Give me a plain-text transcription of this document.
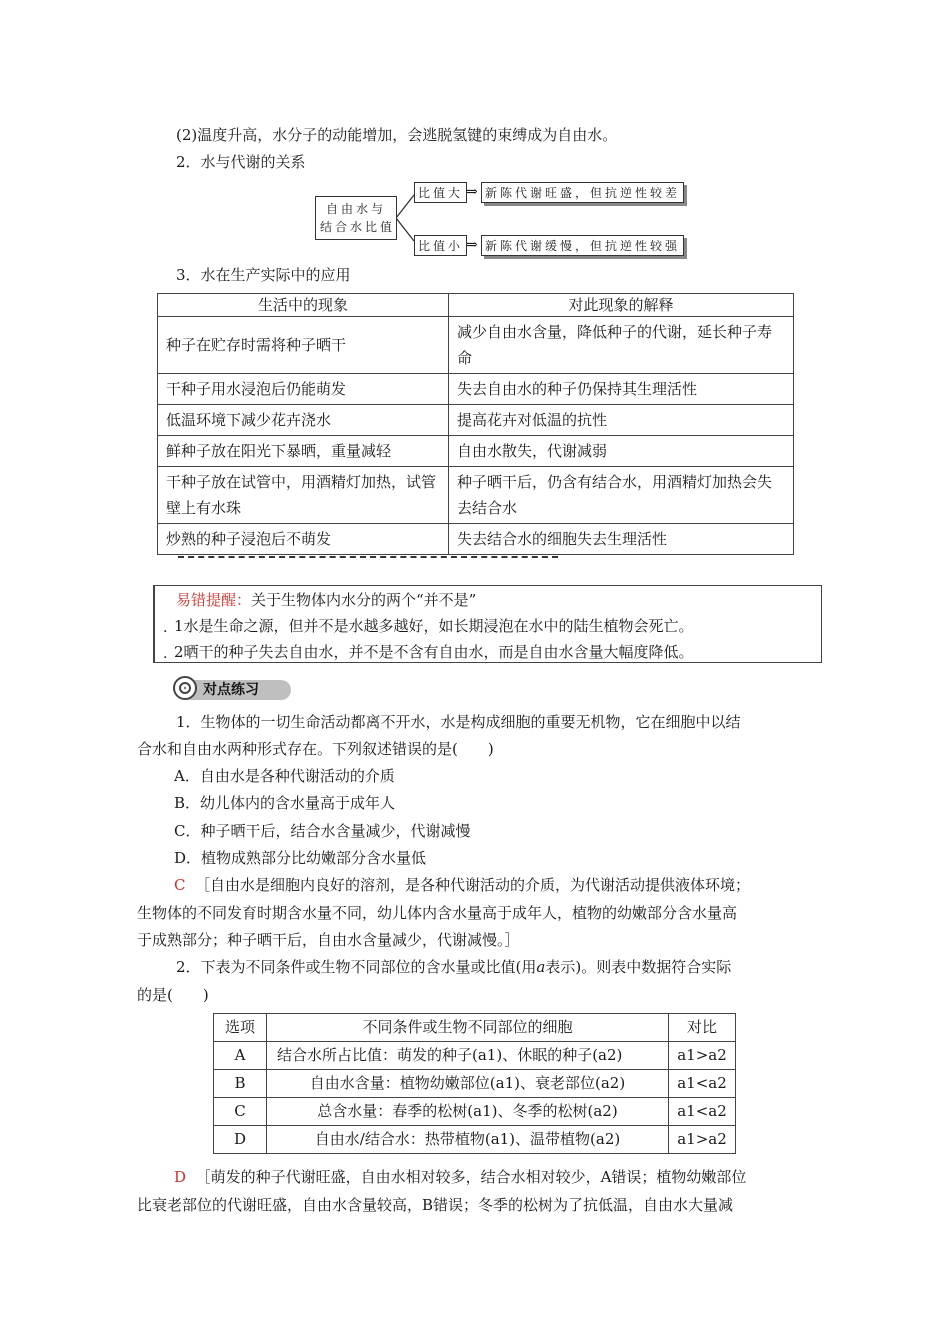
(2)温度升高，水分子的动能增加，会逃脱氢键的束缚成为自由水。
2．水与代谢的关系
自由水与
结合水比值
比值大 ⇒ 新陈代谢旺盛，但抗逆性较差
比值小 ⇒ 新陈代谢缓慢，但抗逆性较强
3．水在生产实际中的应用
生活中的现象	对此现象的解释
种子在贮存时需将种子晒干	减少自由水含量，降低种子的代谢，延长种子寿命
干种子用水浸泡后仍能萌发	失去自由水的种子仍保持其生理活性
低温环境下减少花卉浇水	提高花卉对低温的抗性
鲜种子放在阳光下暴晒，重量减轻	自由水散失，代谢减弱
干种子放在试管中，用酒精灯加热，试管壁上有水珠	种子晒干后，仍含有结合水，用酒精灯加热会失去结合水
炒熟的种子浸泡后不萌发	失去结合水的细胞失去生理活性
易错提醒：关于生物体内水分的两个“并不是”
1水是生命之源，但并不是水越多越好，如长期浸泡在水中的陆生植物会死亡。
·
2晒干的种子失去自由水，并不是不含有自由水，而是自由水含量大幅度降低。
·
对点练习
1．生物体的一切生命活动都离不开水，水是构成细胞的重要无机物，它在细胞中以结
合水和自由水两种形式存在。下列叙述错误的是(　　)
A．自由水是各种代谢活动的介质
B．幼儿体内的含水量高于成年人
C．种子晒干后，结合水含量减少，代谢减慢
D．植物成熟部分比幼嫩部分含水量低
C ［自由水是细胞内良好的溶剂，是各种代谢活动的介质，为代谢活动提供液体环境；
生物体的不同发育时期含水量不同，幼儿体内含水量高于成年人，植物的幼嫩部分含水量高
于成熟部分；种子晒干后，自由水含量减少，代谢减慢。］
2．下表为不同条件或生物不同部位的含水量或比值(用a表示)。则表中数据符合实际
的是(　　)
选项	不同条件或生物不同部位的细胞	对比
A	结合水所占比值：萌发的种子(a1)、休眠的种子(a2)	a1>a2
B	自由水含量：植物幼嫩部位(a1)、衰老部位(a2)	a1<a2
C	总含水量：春季的松树(a1)、冬季的松树(a2)	a1<a2
D	自由水/结合水：热带植物(a1)、温带植物(a2)	a1>a2
D ［萌发的种子代谢旺盛，自由水相对较多，结合水相对较少，A错误；植物幼嫩部位
比衰老部位的代谢旺盛，自由水含量较高，B错误；冬季的松树为了抗低温，自由水大量减
